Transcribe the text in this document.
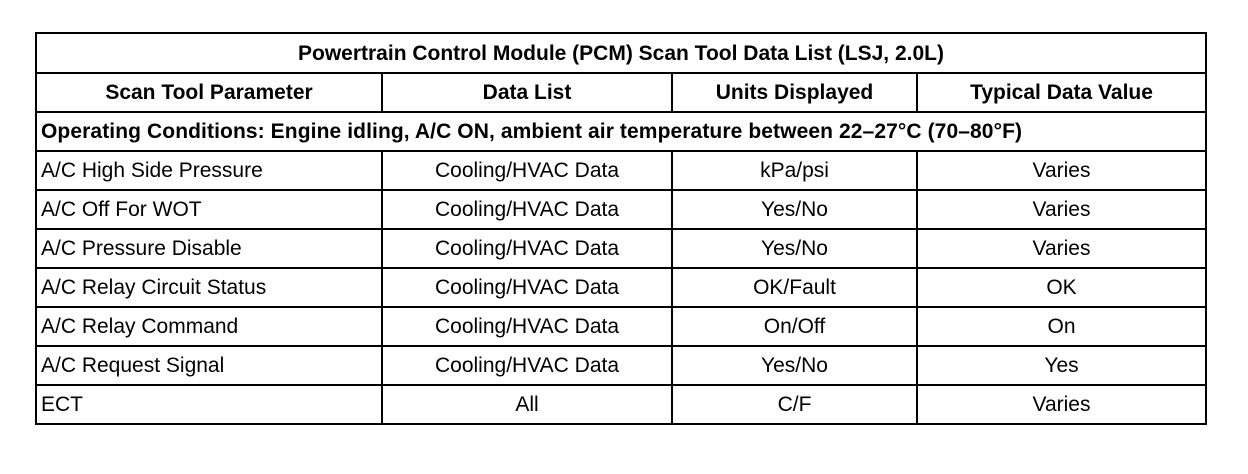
Powertrain Control Module (PCM) Scan Tool Data List (LSJ, 2.0L)			
Scan Tool Parameter	Data List	Units Displayed	Typical Data Value
Operating Conditions: Engine idling, A/C ON, ambient air temperature between 22–27°C (70–80°F)			
A/C High Side Pressure	Cooling/HVAC Data	kPa/psi	Varies
A/C Off For WOT	Cooling/HVAC Data	Yes/No	Varies
A/C Pressure Disable	Cooling/HVAC Data	Yes/No	Varies
A/C Relay Circuit Status	Cooling/HVAC Data	OK/Fault	OK
A/C Relay Command	Cooling/HVAC Data	On/Off	On
A/C Request Signal	Cooling/HVAC Data	Yes/No	Yes
ECT	All	C/F	Varies
